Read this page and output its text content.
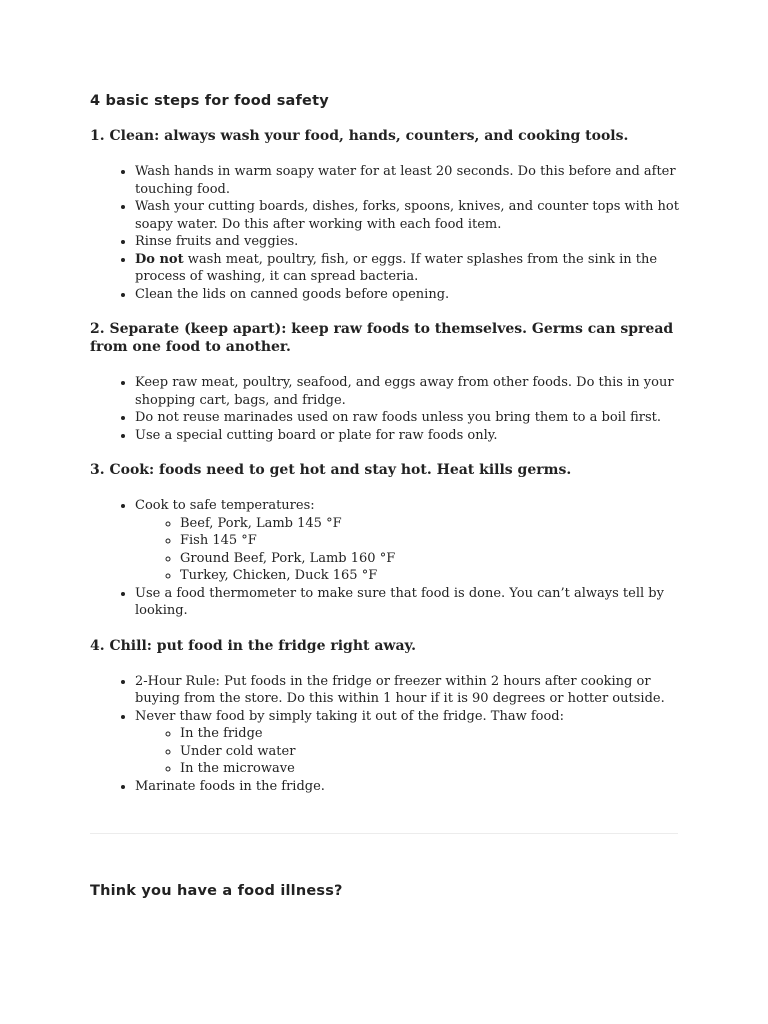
4 basic steps for food safety
1. Clean: always wash your food, hands, counters, and cooking tools.
• Wash hands in warm soapy water for at least 20 seconds. Do this before and after touching food.
• Wash your cutting boards, dishes, forks, spoons, knives, and counter tops with hot soapy water. Do this after working with each food item.
• Rinse fruits and veggies.
• Do not wash meat, poultry, fish, or eggs. If water splashes from the sink in the process of washing, it can spread bacteria.
• Clean the lids on canned goods before opening.
2. Separate (keep apart): keep raw foods to themselves. Germs can spread from one food to another.
• Keep raw meat, poultry, seafood, and eggs away from other foods. Do this in your shopping cart, bags, and fridge.
• Do not reuse marinades used on raw foods unless you bring them to a boil first.
• Use a special cutting board or plate for raw foods only.
3. Cook: foods need to get hot and stay hot. Heat kills germs.
• Cook to safe temperatures:
◦ Beef, Pork, Lamb 145 °F
◦ Fish 145 °F
◦ Ground Beef, Pork, Lamb 160 °F
◦ Turkey, Chicken, Duck 165 °F
• Use a food thermometer to make sure that food is done. You can’t always tell by looking.
4. Chill: put food in the fridge right away.
• 2-Hour Rule: Put foods in the fridge or freezer within 2 hours after cooking or buying from the store. Do this within 1 hour if it is 90 degrees or hotter outside.
• Never thaw food by simply taking it out of the fridge. Thaw food:
◦ In the fridge
◦ Under cold water
◦ In the microwave
• Marinate foods in the fridge.
Think you have a food illness?
